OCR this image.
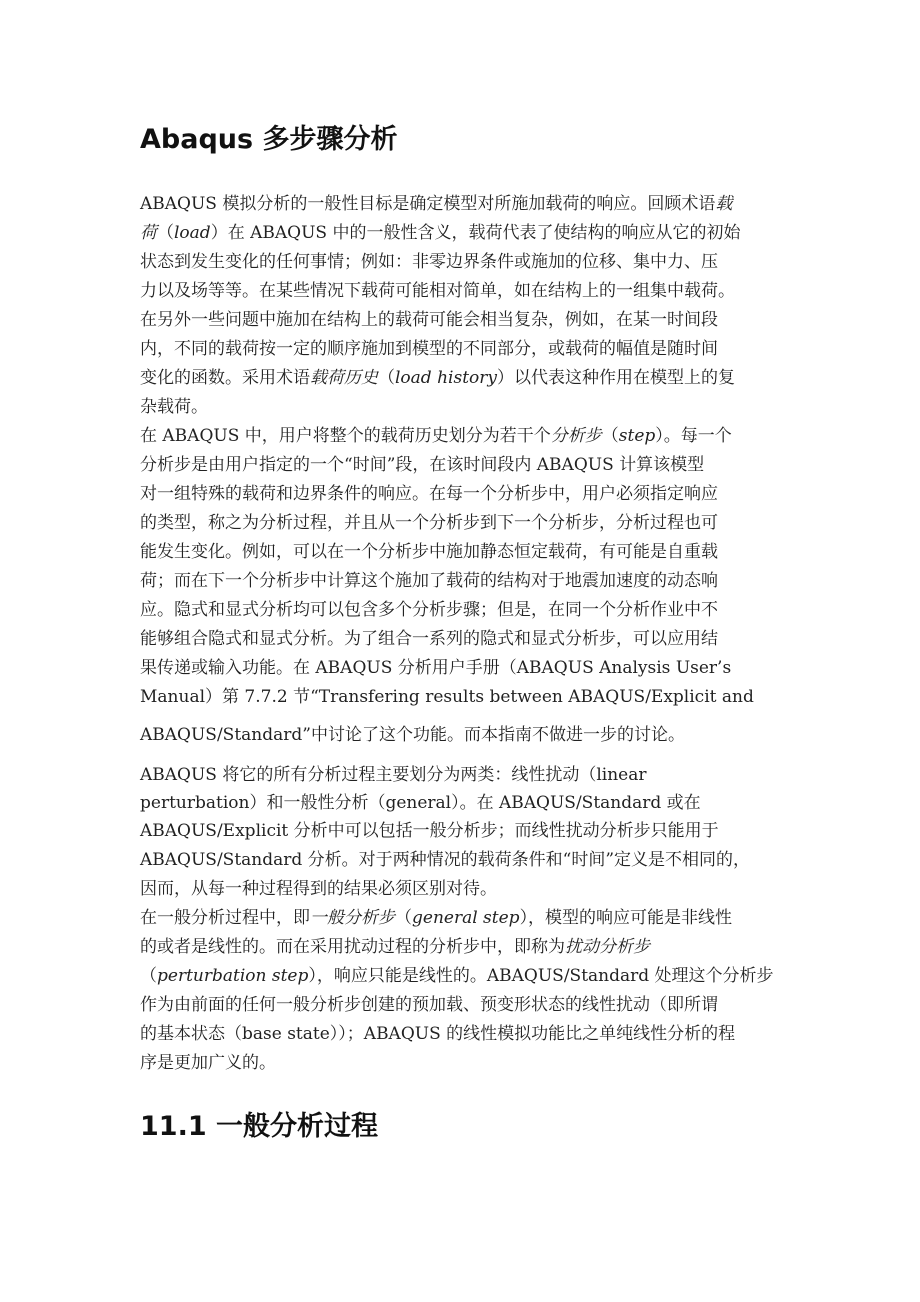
Abaqus 多步骤分析
ABAQUS 模拟分析的一般性目标是确定模型对所施加载荷的响应。回顾术语载
荷（load）在 ABAQUS 中的一般性含义，载荷代表了使结构的响应从它的初始
状态到发生变化的任何事情；例如：非零边界条件或施加的位移、集中力、压
力以及场等等。在某些情况下载荷可能相对简单，如在结构上的一组集中载荷。
在另外一些问题中施加在结构上的载荷可能会相当复杂，例如，在某一时间段
内，不同的载荷按一定的顺序施加到模型的不同部分，或载荷的幅值是随时间
变化的函数。采用术语载荷历史（load history）以代表这种作用在模型上的复
杂载荷。
在 ABAQUS 中，用户将整个的载荷历史划分为若干个分析步（step）。每一个
分析步是由用户指定的一个“时间”段，在该时间段内 ABAQUS 计算该模型
对一组特殊的载荷和边界条件的响应。在每一个分析步中，用户必须指定响应
的类型，称之为分析过程，并且从一个分析步到下一个分析步，分析过程也可
能发生变化。例如，可以在一个分析步中施加静态恒定载荷，有可能是自重载
荷；而在下一个分析步中计算这个施加了载荷的结构对于地震加速度的动态响
应。隐式和显式分析均可以包含多个分析步骤；但是，在同一个分析作业中不
能够组合隐式和显式分析。为了组合一系列的隐式和显式分析步，可以应用结
果传递或输入功能。在 ABAQUS 分析用户手册（ABAQUS Analysis User’s
Manual）第 7.7.2 节“Transfering results between ABAQUS/Explicit and
ABAQUS/Standard”中讨论了这个功能。而本指南不做进一步的讨论。
ABAQUS 将它的所有分析过程主要划分为两类：线性扰动（linear
perturbation）和一般性分析（general）。在 ABAQUS/Standard 或在
ABAQUS/Explicit 分析中可以包括一般分析步；而线性扰动分析步只能用于
ABAQUS/Standard 分析。对于两种情况的载荷条件和“时间”定义是不相同的，
因而，从每一种过程得到的结果必须区别对待。
在一般分析过程中，即一般分析步（general step），模型的响应可能是非线性
的或者是线性的。而在采用扰动过程的分析步中，即称为扰动分析步
（perturbation step），响应只能是线性的。ABAQUS/Standard 处理这个分析步
作为由前面的任何一般分析步创建的预加载、预变形状态的线性扰动（即所谓
的基本状态（base state））；ABAQUS 的线性模拟功能比之单纯线性分析的程
序是更加广义的。
11.1 一般分析过程
